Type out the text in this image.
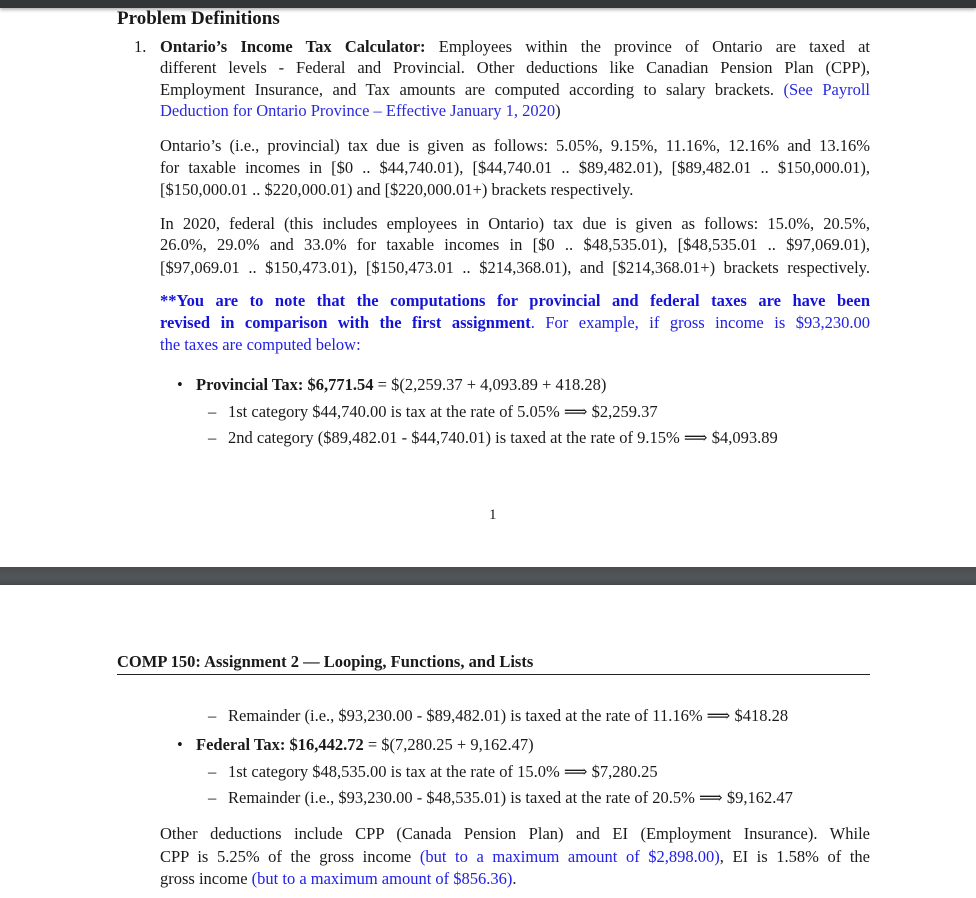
Problem Definitions
1. Ontario’s Income Tax Calculator: Employees within the province of Ontario are taxed at
different levels - Federal and Provincial. Other deductions like Canadian Pension Plan (CPP),
Employment Insurance, and Tax amounts are computed according to salary brackets. (See Payroll
Deduction for Ontario Province – Effective January 1, 2020)
Ontario’s (i.e., provincial) tax due is given as follows: 5.05%, 9.15%, 11.16%, 12.16% and 13.16%
for taxable incomes in [$0 .. $44,740.01), [$44,740.01 .. $89,482.01), [$89,482.01 .. $150,000.01),
[$150,000.01 .. $220,000.01) and [$220,000.01+) brackets respectively.
In 2020, federal (this includes employees in Ontario) tax due is given as follows: 15.0%, 20.5%,
26.0%, 29.0% and 33.0% for taxable incomes in [$0 .. $48,535.01), [$48,535.01 .. $97,069.01),
[$97,069.01 .. $150,473.01), [$150,473.01 .. $214,368.01), and [$214,368.01+) brackets respectively.
**You are to note that the computations for provincial and federal taxes are have been
revised in comparison with the first assignment. For example, if gross income is $93,230.00
the taxes are computed below:
• Provincial Tax: $6,771.54 = $(2,259.37 + 4,093.89 + 418.28)
– 1st category $44,740.00 is tax at the rate of 5.05% ⟹ $2,259.37
– 2nd category ($89,482.01 - $44,740.01) is taxed at the rate of 9.15% ⟹ $4,093.89
1
COMP 150: Assignment 2 — Looping, Functions, and Lists
– Remainder (i.e., $93,230.00 - $89,482.01) is taxed at the rate of 11.16% ⟹ $418.28
• Federal Tax: $16,442.72 = $(7,280.25 + 9,162.47)
– 1st category $48,535.00 is tax at the rate of 15.0% ⟹ $7,280.25
– Remainder (i.e., $93,230.00 - $48,535.01) is taxed at the rate of 20.5% ⟹ $9,162.47
Other deductions include CPP (Canada Pension Plan) and EI (Employment Insurance). While
CPP is 5.25% of the gross income (but to a maximum amount of $2,898.00), EI is 1.58% of the
gross income (but to a maximum amount of $856.36).
